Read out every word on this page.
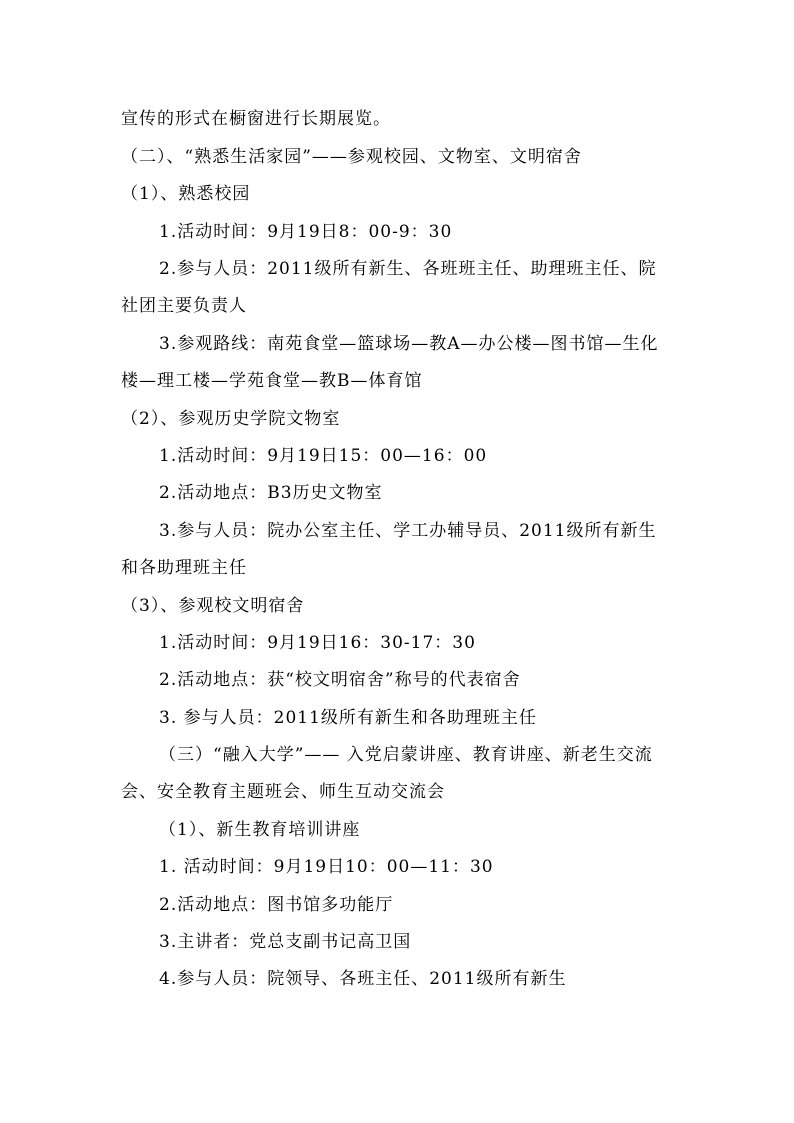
宣传的形式在橱窗进行长期展览。
（二）、“熟悉生活家园”——参观校园、文物室、文明宿舍
（1）、熟悉校园
1.活动时间：9月19日8：00-9：30
2.参与人员：2011级所有新生、各班班主任、助理班主任、院
社团主要负责人
3.参观路线：南苑食堂—篮球场—教A—办公楼—图书馆—生化
楼—理工楼—学苑食堂—教B—体育馆
（2）、参观历史学院文物室
1.活动时间：9月19日15：00—16：00
2.活动地点：B3历史文物室
3.参与人员：院办公室主任、学工办辅导员、2011级所有新生
和各助理班主任
（3）、参观校文明宿舍
1.活动时间：9月19日16：30-17：30
2.活动地点：获“校文明宿舍”称号的代表宿舍
3. 参与人员：2011级所有新生和各助理班主任
（三）“融入大学”—— 入党启蒙讲座、教育讲座、新老生交流
会、安全教育主题班会、师生互动交流会
（1）、新生教育培训讲座
1. 活动时间：9月19日10：00—11：30
2.活动地点：图书馆多功能厅
3.主讲者：党总支副书记高卫国
4.参与人员：院领导、各班主任、2011级所有新生
